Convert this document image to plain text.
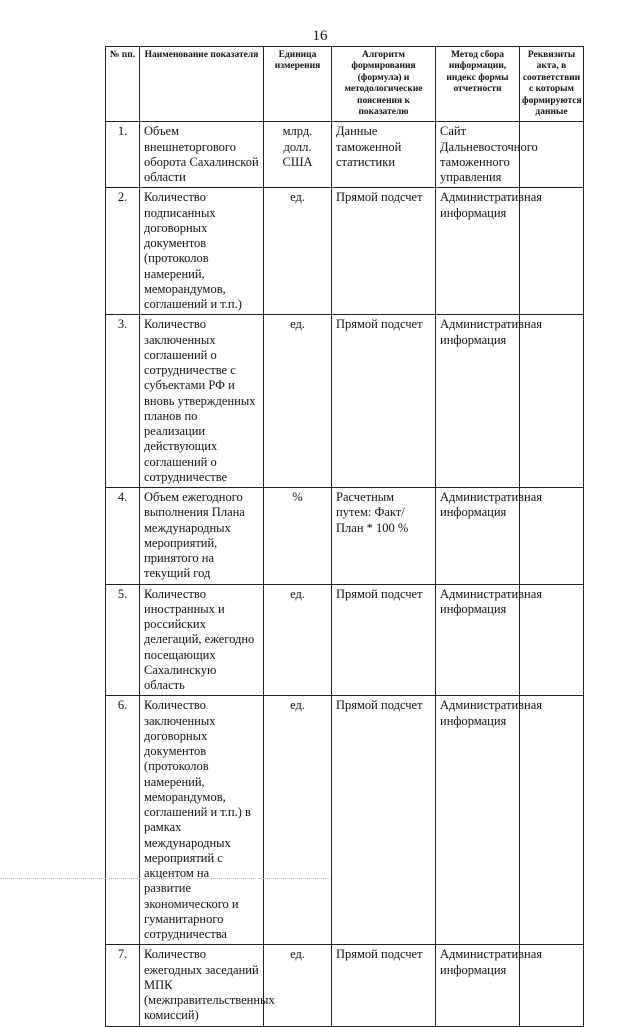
16
№ пп.	Наименование показателя	Единица измерения	Алгоритм формирования (формула) и методологические пояснения к показателю	Метод сбора информации, индекс формы отчетности	Реквизиты акта, в соответствии с которым формируются данные
1.	Объем внешнеторгового оборота Сахалинской области	млрд. долл. США	Данные таможенной статистики	Сайт Дальневосточного таможенного управления	
2.	Количество подписанных договорных документов (протоколов намерений, меморандумов, соглашений и т.п.)	ед.	Прямой подсчет	Административная информация	
3.	Количество заключенных соглашений о сотрудничестве с субъектами РФ и вновь утвержденных планов по реализации действующих соглашений о сотрудничестве	ед.	Прямой подсчет	Административная информация	
4.	Объем ежегодного выполнения Плана международных мероприятий, принятого на текущий год	%	Расчетным путем: Факт/План * 100 %	Административная информация	
5.	Количество иностранных и российских делегаций, ежегодно посещающих Сахалинскую область	ед.	Прямой подсчет	Административная информация	
6.	Количество заключенных договорных документов (протоколов намерений, меморандумов, соглашений и т.п.) в рамках международных мероприятий с акцентом на развитие экономического и гуманитарного сотрудничества	ед.	Прямой подсчет	Административная информация	
7.	Количество ежегодных заседаний МПК (межправительственных комиссий)	ед.	Прямой подсчет	Административная информация	
